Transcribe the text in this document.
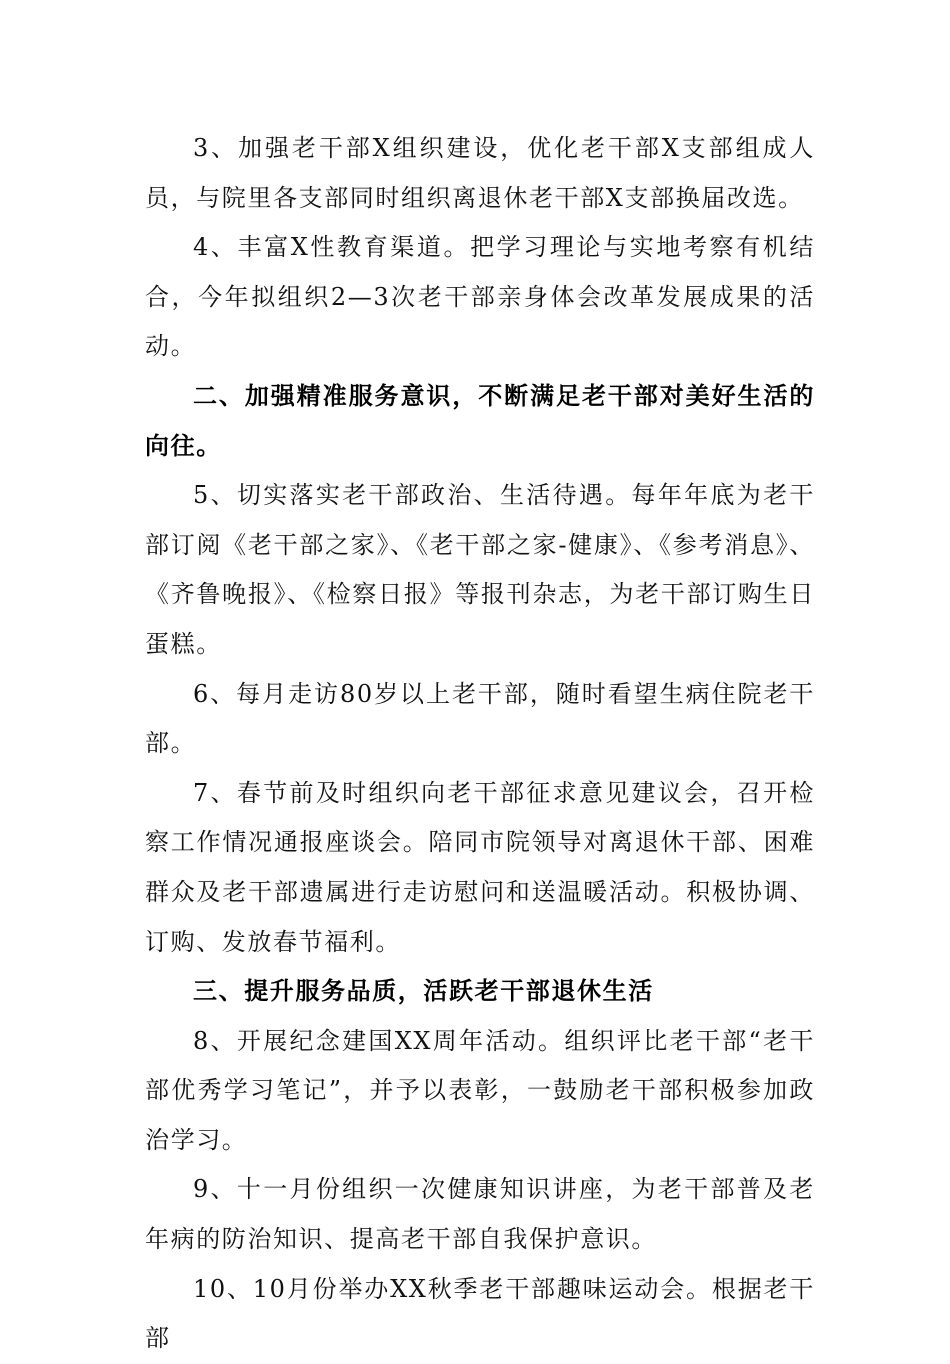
3、加强老干部X组织建设，优化老干部X支部组成人员，与院里各支部同时组织离退休老干部X支部换届改选。

4、丰富X性教育渠道。把学习理论与实地考察有机结合，今年拟组织2—3次老干部亲身体会改革发展成果的活动。

二、加强精准服务意识，不断满足老干部对美好生活的向往。

5、切实落实老干部政治、生活待遇。每年年底为老干部订阅《老干部之家》、《老干部之家-健康》、《参考消息》、《齐鲁晚报》、《检察日报》等报刊杂志，为老干部订购生日蛋糕。

6、每月走访80岁以上老干部，随时看望生病住院老干部。

7、春节前及时组织向老干部征求意见建议会，召开检察工作情况通报座谈会。陪同市院领导对离退休干部、困难群众及老干部遗属进行走访慰问和送温暖活动。积极协调、订购、发放春节福利。

三、提升服务品质，活跃老干部退休生活

8、开展纪念建国XX周年活动。组织评比老干部“老干部优秀学习笔记”，并予以表彰，一鼓励老干部积极参加政治学习。

9、十一月份组织一次健康知识讲座，为老干部普及老年病的防治知识、提高老干部自我保护意识。

10、10月份举办XX秋季老干部趣味运动会。根据老干部
